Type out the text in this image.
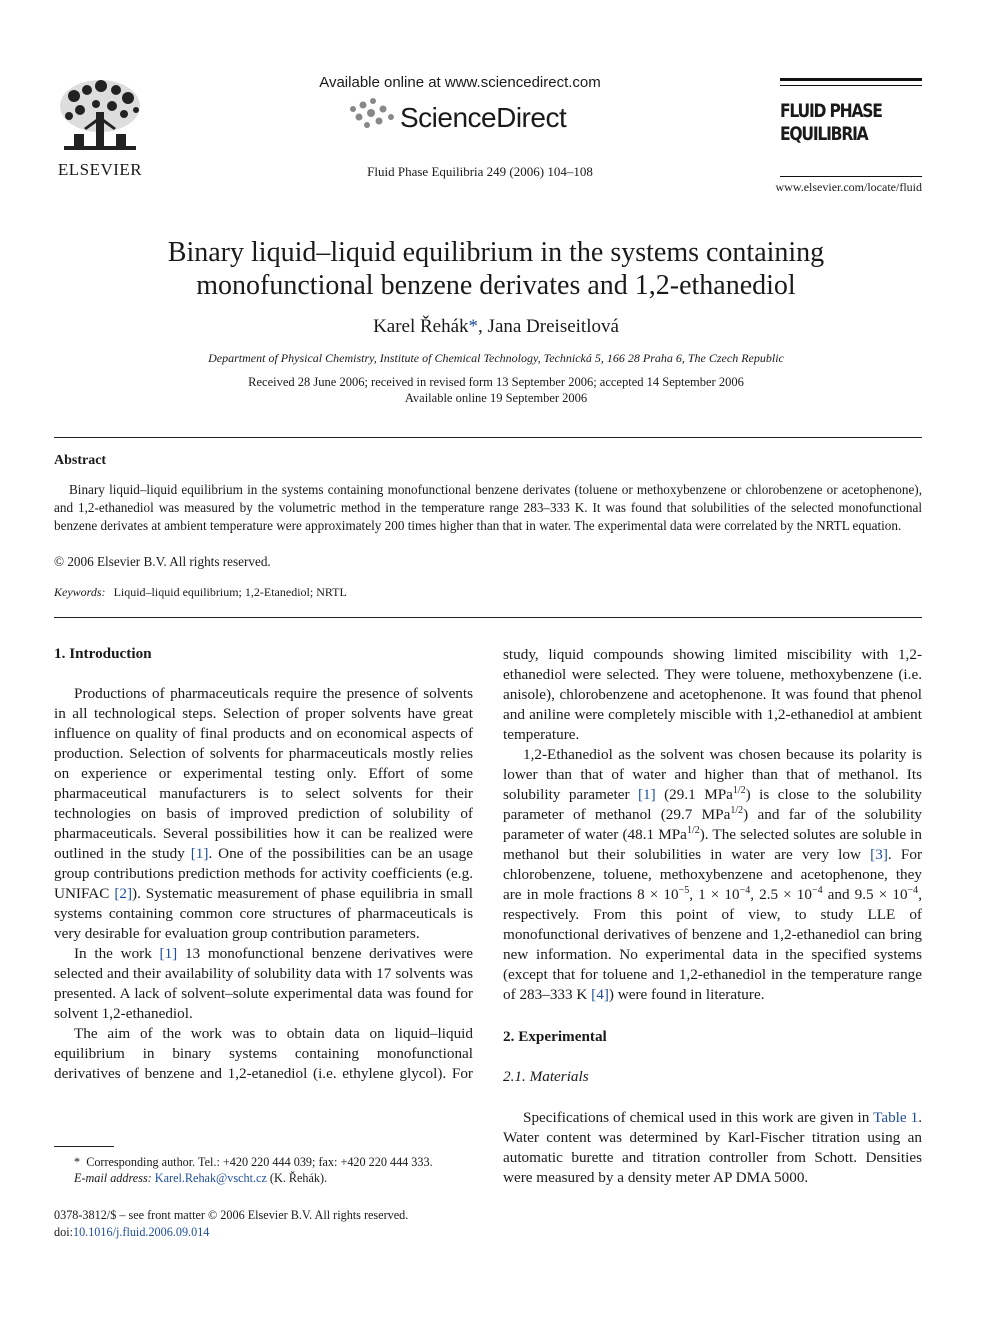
ELSEVIER
Available online at www.sciencedirect.com
ScienceDirect
Fluid Phase Equilibria 249 (2006) 104–108
FLUID PHASE
EQUILIBRIA
www.elsevier.com/locate/fluid
Binary liquid–liquid equilibrium in the systems containing
monofunctional benzene derivates and 1,2-ethanediol
Karel Řehák*, Jana Dreiseitlová
Department of Physical Chemistry, Institute of Chemical Technology, Technická 5, 166 28 Praha 6, The Czech Republic
Received 28 June 2006; received in revised form 13 September 2006; accepted 14 September 2006
Available online 19 September 2006
Abstract

Binary liquid–liquid equilibrium in the systems containing monofunctional benzene derivates (toluene or methoxybenzene or chlorobenzene or acetophenone), and 1,2-ethanediol was measured by the volumetric method in the temperature range 283–333 K. It was found that solubilities of the selected monofunctional benzene derivates at ambient temperature were approximately 200 times higher than that in water. The experimental data were correlated by the NRTL equation.

© 2006 Elsevier B.V. All rights reserved.
Keywords: Liquid–liquid equilibrium; 1,2-Etanediol; NRTL
1. Introduction

Productions of pharmaceuticals require the presence of solvents in all technological steps. Selection of proper solvents have great influence on quality of final products and on economical aspects of production. Selection of solvents for pharmaceuticals mostly relies on experience or experimental testing only. Effort of some pharmaceutical manufacturers is to select solvents for their technologies on basis of improved prediction of solubility of pharmaceuticals. Several possibilities how it can be realized were outlined in the study [1]. One of the possibilities can be an usage group contributions prediction methods for activity coefficients (e.g. UNIFAC [2]). Systematic measurement of phase equilibria in small systems containing common core structures of pharmaceuticals is very desirable for evaluation group contribution parameters.

In the work [1] 13 monofunctional benzene derivatives were selected and their availability of solubility data with 17 solvents was presented. A lack of solvent–solute experimental data was found for solvent 1,2-ethanediol.

The aim of the work was to obtain data on liquid–liquid equilibrium in binary systems containing monofunctional derivatives of benzene and 1,2-etanediol (i.e. ethylene glycol). For

study, liquid compounds showing limited miscibility with 1,2-ethanediol were selected. They were toluene, methoxybenzene (i.e. anisole), chlorobenzene and acetophenone. It was found that phenol and aniline were completely miscible with 1,2-ethanediol at ambient temperature.

1,2-Ethanediol as the solvent was chosen because its polarity is lower than that of water and higher than that of methanol. Its solubility parameter [1] (29.1 MPa$^{1/2}$) is close to the solubility parameter of methanol (29.7 MPa$^{1/2}$) and far of the solubility parameter of water (48.1 MPa$^{1/2}$). The selected solutes are soluble in methanol but their solubilities in water are very low [3]. For chlorobenzene, toluene, methoxybenzene and acetophenone, they are in mole fractions $8 \times 10^{-5}$, $1 \times 10^{-4}$, $2.5 \times 10^{-4}$ and $9.5 \times 10^{-4}$, respectively. From this point of view, to study LLE of monofunctional derivatives of benzene and 1,2-ethanediol can bring new information. No experimental data in the specified systems (except that for toluene and 1,2-ethanediol in the temperature range of 283–333 K [4]) were found in literature.

2. Experimental
2.1. Materials

Specifications of chemical used in this work are given in Table 1. Water content was determined by Karl-Fischer titration using an automatic burette and titration controller from Schott. Densities were measured by a density meter AP DMA 5000.

* Corresponding author. Tel.: +420 220 444 039; fax: +420 220 444 333.
E-mail address: Karel.Rehak@vscht.cz (K. Řehák).
0378-3812/$ – see front matter © 2006 Elsevier B.V. All rights reserved.
doi:10.1016/j.fluid.2006.09.014
